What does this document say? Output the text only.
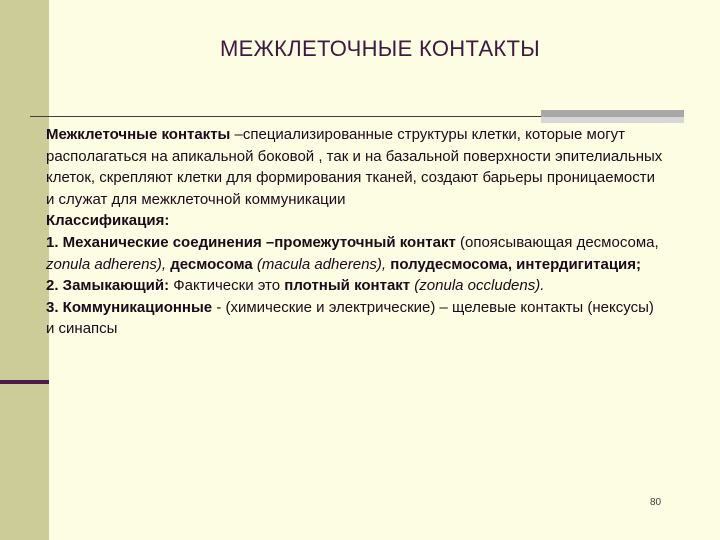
МЕЖКЛЕТОЧНЫЕ КОНТАКТЫ

Межклеточные контакты –специализированные структуры клетки, которые могут располагаться на апикальной боковой , так и на базальной поверхности эпителиальных клеток, скрепляют клетки для формирования тканей, создают барьеры проницаемости и служат для межклеточной коммуникации

Классификация:

1. Механические соединения –промежуточный контакт (опоясывающая десмосома, zonula adherens), десмосома (macula adherens), полудесмосома, интердигитация;

2. Замыкающий: Фактически это плотный контакт (zonula occludens).

3. Коммуникационные - (химические и электрические) – щелевые контакты (нексусы) и синапсы

80
